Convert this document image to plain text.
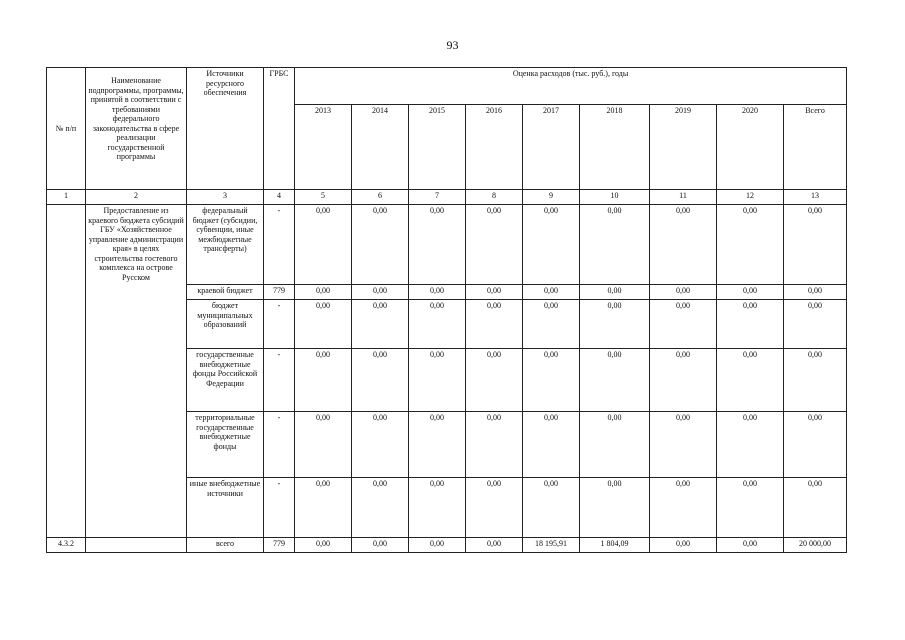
93
№ п/п	Наименование подпрограммы, программы, принятой в соответствии с требованиями федерального законодательства в сфере реализации государственной программы	Источники ресурсного обеспечения	ГРБС	Оценка расходов (тыс. руб.), годы								
				2013	2014	2015	2016	2017	2018	2019	2020	Всего
1	2	3	4	5	6	7	8	9	10	11	12	13
	Предоставление из краевого бюджета субсидий ГБУ «Хозяйственное управление администрации края» в целях строительства гостевого комплекса на острове Русском	федеральный бюджет (субсидии, субвенции, иные межбюджетные трансферты)	-	0,00	0,00	0,00	0,00	0,00	0,00	0,00	0,00	0,00
		краевой бюджет	779	0,00	0,00	0,00	0,00	0,00	0,00	0,00	0,00	0,00
		бюджет муниципальных образований	-	0,00	0,00	0,00	0,00	0,00	0,00	0,00	0,00	0,00
		государственные внебюджетные фонды Российской Федерации	-	0,00	0,00	0,00	0,00	0,00	0,00	0,00	0,00	0,00
		территориальные государственные внебюджетные фонды	-	0,00	0,00	0,00	0,00	0,00	0,00	0,00	0,00	0,00
		иные внебюджетные источники	-	0,00	0,00	0,00	0,00	0,00	0,00	0,00	0,00	0,00
4.3.2		всего	779	0,00	0,00	0,00	0,00	18 195,91	1 804,09	0,00	0,00	20 000,00
